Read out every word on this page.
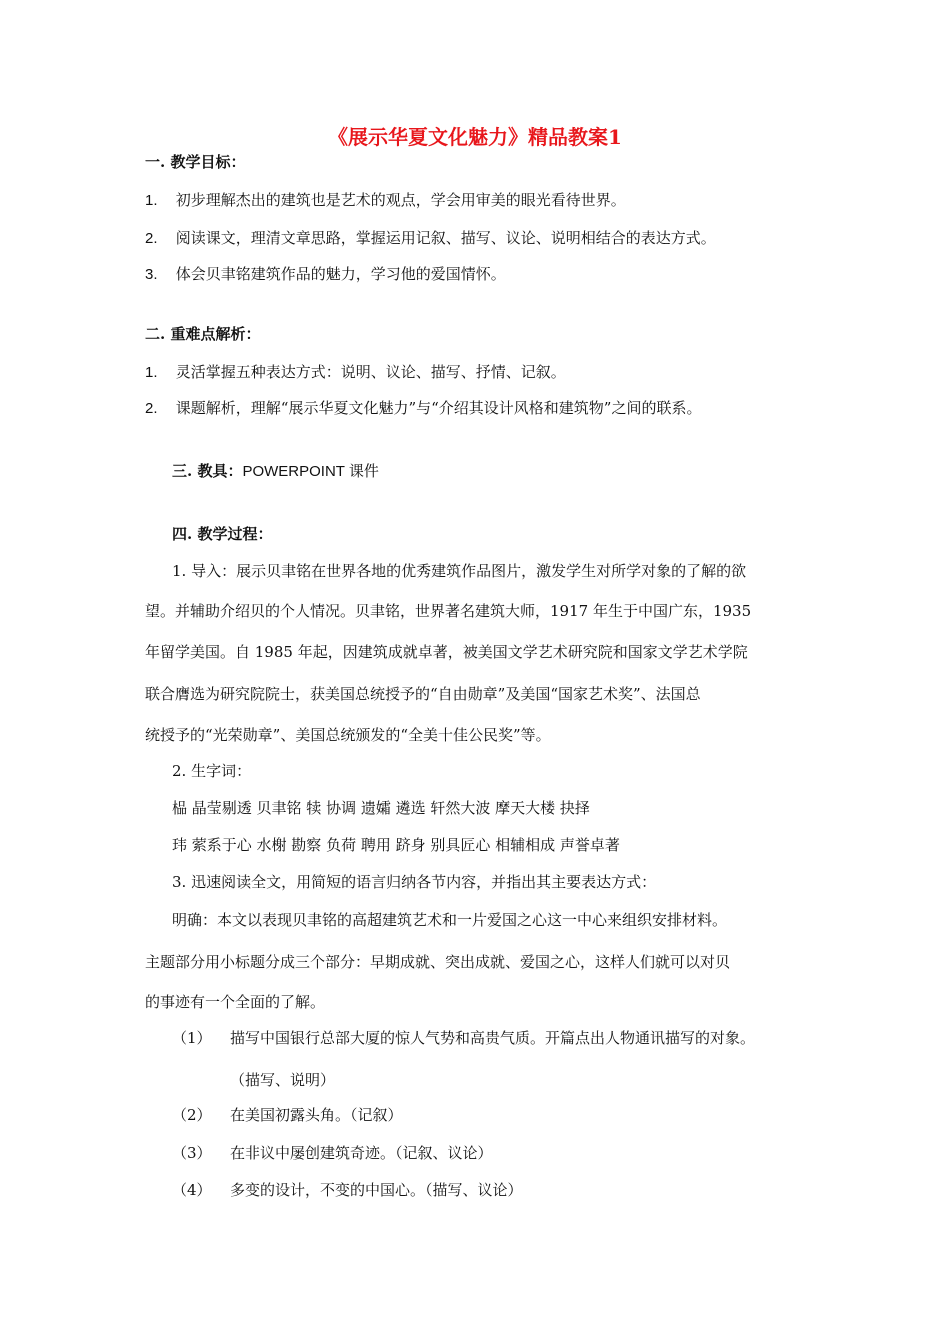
《展示华夏文化魅力》精品教案1
一. 教学目标：
1. 初步理解杰出的建筑也是艺术的观点，学会用审美的眼光看待世界。
2. 阅读课文，理清文章思路，掌握运用记叙、描写、议论、说明相结合的表达方式。
3. 体会贝聿铭建筑作品的魅力，学习他的爱国情怀。
二. 重难点解析：
1. 灵活掌握五种表达方式：说明、议论、描写、抒情、记叙。
2. 课题解析，理解“展示华夏文化魅力”与“介绍其设计风格和建筑物”之间的联系。
三. 教具：POWERPOINT 课件
四. 教学过程：
1. 导入：展示贝聿铭在世界各地的优秀建筑作品图片，激发学生对所学对象的了解的欲
望。并辅助介绍贝的个人情况。贝聿铭，世界著名建筑大师，1917 年生于中国广东，1935
年留学美国。自 1985 年起，因建筑成就卓著，被美国文学艺术研究院和国家文学艺术学院
联合膺选为研究院院士，获美国总统授予的“自由勋章”及美国“国家艺术奖”、法国总
统授予的“光荣勋章”、美国总统颁发的“全美十佳公民奖”等。
2. 生字词：
榀 晶莹剔透 贝聿铭 犊 协调 遗孀 遴选 轩然大波 摩天大楼 抉择
玮 萦系于心 水榭 勘察 负荷 聘用 跻身 别具匠心 相辅相成 声誉卓著
3. 迅速阅读全文，用简短的语言归纳各节内容，并指出其主要表达方式：
明确：本文以表现贝聿铭的高超建筑艺术和一片爱国之心这一中心来组织安排材料。
主题部分用小标题分成三个部分：早期成就、突出成就、爱国之心，这样人们就可以对贝
的事迹有一个全面的了解。
（1） 描写中国银行总部大厦的惊人气势和高贵气质。开篇点出人物通讯描写的对象。
（描写、说明）
（2） 在美国初露头角。（记叙）
（3） 在非议中屡创建筑奇迹。（记叙、议论）
（4） 多变的设计，不变的中国心。（描写、议论）
